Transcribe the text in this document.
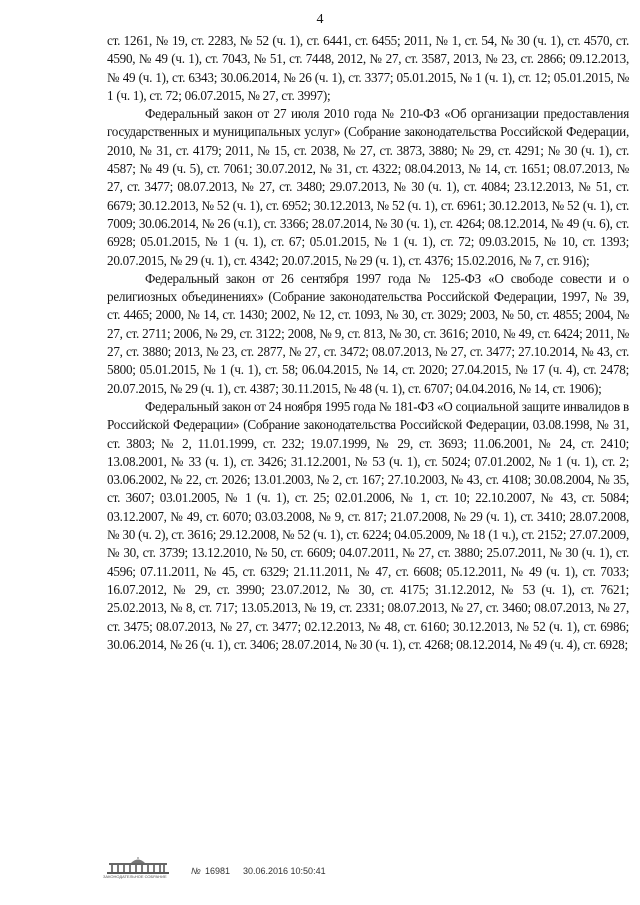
4

ст. 1261, № 19, ст. 2283, № 52 (ч. 1), ст. 6441, ст. 6455; 2011, № 1, ст. 54, № 30 (ч. 1), ст. 4570, ст. 4590, № 49 (ч. 1), ст. 7043, № 51, ст. 7448, 2012, № 27, ст. 3587, 2013, № 23, ст. 2866; 09.12.2013, № 49 (ч. 1), ст. 6343; 30.06.2014, № 26 (ч. 1), ст. 3377; 05.01.2015, № 1 (ч. 1), ст. 12; 05.01.2015, № 1 (ч. 1), ст. 72; 06.07.2015, № 27, ст. 3997);

Федеральный закон от 27 июля 2010 года № 210-ФЗ «Об организации предоставления государственных и муниципальных услуг» (Собрание законодательства Российской Федерации, 2010, № 31, ст. 4179; 2011, № 15, ст. 2038, № 27, ст. 3873, 3880; № 29, ст. 4291; № 30 (ч. 1), ст. 4587; № 49 (ч. 5), ст. 7061; 30.07.2012, № 31, ст. 4322; 08.04.2013, № 14, ст. 1651; 08.07.2013, № 27, ст. 3477; 08.07.2013, № 27, ст. 3480; 29.07.2013, № 30 (ч. 1), ст. 4084; 23.12.2013, № 51, ст. 6679; 30.12.2013, № 52 (ч. 1), ст. 6952; 30.12.2013, № 52 (ч. 1), ст. 6961; 30.12.2013, № 52 (ч. 1), ст. 7009; 30.06.2014, № 26 (ч.1), ст. 3366; 28.07.2014, № 30 (ч. 1), ст. 4264; 08.12.2014, № 49 (ч. 6), ст. 6928; 05.01.2015, № 1 (ч. 1), ст. 67; 05.01.2015, № 1 (ч. 1), ст. 72; 09.03.2015, № 10, ст. 1393; 20.07.2015, № 29 (ч. 1), ст. 4342; 20.07.2015, № 29 (ч. 1), ст. 4376; 15.02.2016, № 7, ст. 916);

Федеральный закон от 26 сентября 1997 года № 125-ФЗ «О свободе совести и о религиозных объединениях» (Собрание законодательства Российской Федерации, 1997, № 39, ст. 4465; 2000, № 14, ст. 1430; 2002, № 12, ст. 1093, № 30, ст. 3029; 2003, № 50, ст. 4855; 2004, № 27, ст. 2711; 2006, № 29, ст. 3122; 2008, № 9, ст. 813, № 30, ст. 3616; 2010, № 49, ст. 6424; 2011, № 27, ст. 3880; 2013, № 23, ст. 2877, № 27, ст. 3472; 08.07.2013, № 27, ст. 3477; 27.10.2014, № 43, ст. 5800; 05.01.2015, № 1 (ч. 1), ст. 58; 06.04.2015, № 14, ст. 2020; 27.04.2015, № 17 (ч. 4), ст. 2478; 20.07.2015, № 29 (ч. 1), ст. 4387; 30.11.2015, № 48 (ч. 1), ст. 6707; 04.04.2016, № 14, ст. 1906);

Федеральный закон от 24 ноября 1995 года № 181-ФЗ «О социальной защите инвалидов в Российской Федерации» (Собрание законодательства Российской Федерации, 03.08.1998, № 31, ст. 3803; № 2, 11.01.1999, ст. 232; 19.07.1999, № 29, ст. 3693; 11.06.2001, № 24, ст. 2410; 13.08.2001, № 33 (ч. 1), ст. 3426; 31.12.2001, № 53 (ч. 1), ст. 5024; 07.01.2002, № 1 (ч. 1), ст. 2; 03.06.2002, № 22, ст. 2026; 13.01.2003, № 2, ст. 167; 27.10.2003, № 43, ст. 4108; 30.08.2004, № 35, ст. 3607; 03.01.2005, № 1 (ч. 1), ст. 25; 02.01.2006, № 1, ст. 10; 22.10.2007, № 43, ст. 5084; 03.12.2007, № 49, ст. 6070; 03.03.2008, № 9, ст. 817; 21.07.2008, № 29 (ч. 1), ст. 3410; 28.07.2008, № 30 (ч. 2), ст. 3616; 29.12.2008, № 52 (ч. 1), ст. 6224; 04.05.2009, № 18 (1 ч.), ст. 2152; 27.07.2009, № 30, ст. 3739; 13.12.2010, № 50, ст. 6609; 04.07.2011, № 27, ст. 3880; 25.07.2011, № 30 (ч. 1), ст. 4596; 07.11.2011, № 45, ст. 6329; 21.11.2011, № 47, ст. 6608; 05.12.2011, № 49 (ч. 1), ст. 7033; 16.07.2012, № 29, ст. 3990; 23.07.2012, № 30, ст. 4175; 31.12.2012, № 53 (ч. 1), ст. 7621; 25.02.2013, № 8, ст. 717; 13.05.2013, № 19, ст. 2331; 08.07.2013, № 27, ст. 3460; 08.07.2013, № 27, ст. 3475; 08.07.2013, № 27, ст. 3477; 02.12.2013, № 48, ст. 6160; 30.12.2013, № 52 (ч. 1), ст. 6986; 30.06.2014, № 26 (ч. 1), ст. 3406; 28.07.2014, № 30 (ч. 1), ст. 4268; 08.12.2014, № 49 (ч. 4), ст. 6928;

ЗАКОНОДАТЕЛЬНОЕ СОБРАНИЕ
№ 16981 30.06.2016 10:50:41
